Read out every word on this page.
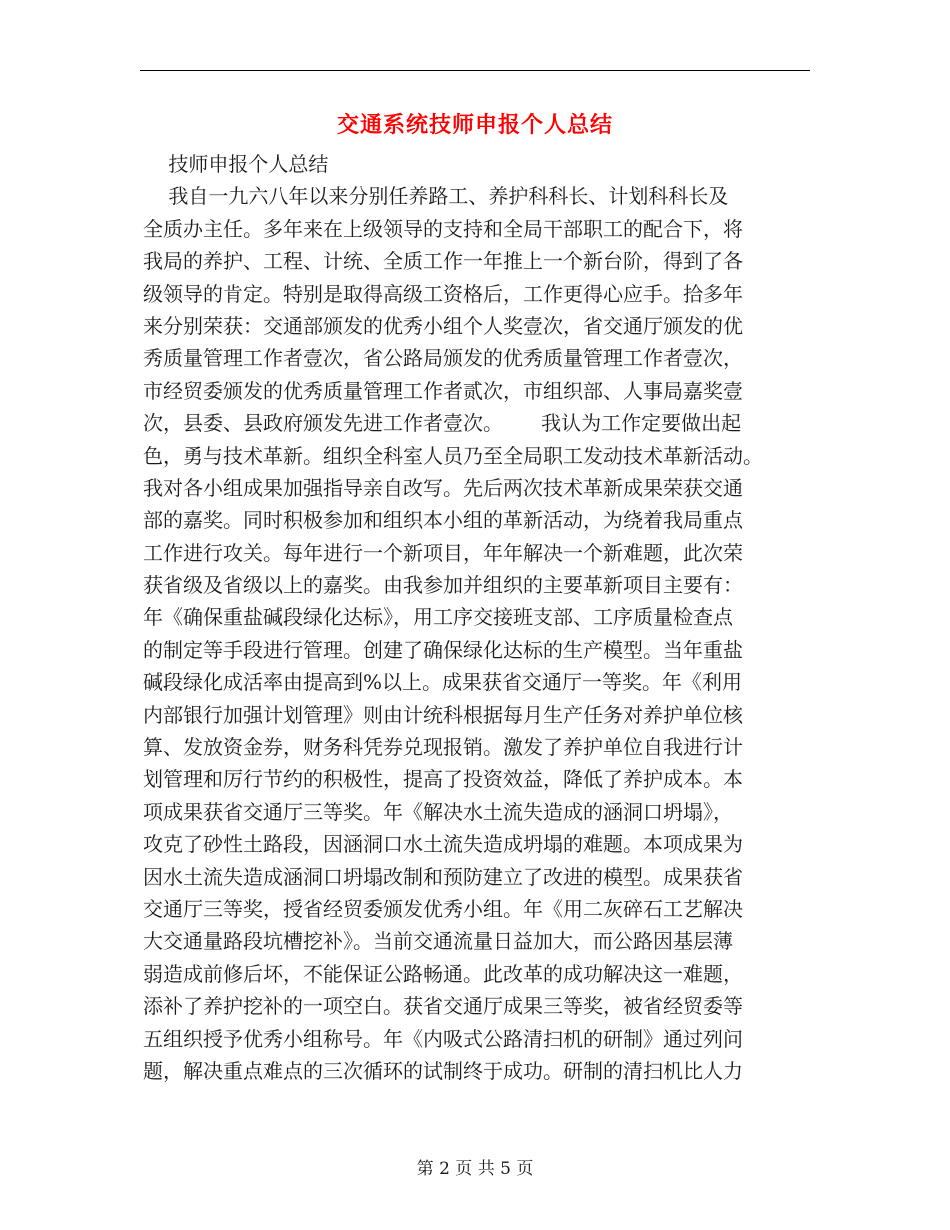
交通系统技师申报个人总结
技师申报个人总结
我自一九六八年以来分别任养路工、养护科科长、计划科科长及
全质办主任。多年来在上级领导的支持和全局干部职工的配合下，将
我局的养护、工程、计统、全质工作一年推上一个新台阶，得到了各
级领导的肯定。特别是取得高级工资格后，工作更得心应手。拾多年
来分别荣获：交通部颁发的优秀小组个人奖壹次，省交通厅颁发的优
秀质量管理工作者壹次，省公路局颁发的优秀质量管理工作者壹次，
市经贸委颁发的优秀质量管理工作者贰次，市组织部、人事局嘉奖壹
次，县委、县政府颁发先进工作者壹次。      我认为工作定要做出起
色，勇与技术革新。组织全科室人员乃至全局职工发动技术革新活动。
我对各小组成果加强指导亲自改写。先后两次技术革新成果荣获交通
部的嘉奖。同时积极参加和组织本小组的革新活动，为绕着我局重点
工作进行攻关。每年进行一个新项目，年年解决一个新难题，此次荣
获省级及省级以上的嘉奖。由我参加并组织的主要革新项目主要有：
年《确保重盐碱段绿化达标》，用工序交接班支部、工序质量检查点
的制定等手段进行管理。创建了确保绿化达标的生产模型。当年重盐
碱段绿化成活率由提高到%以上。成果获省交通厅一等奖。年《利用
内部银行加强计划管理》则由计统科根据每月生产任务对养护单位核
算、发放资金券，财务科凭券兑现报销。激发了养护单位自我进行计
划管理和厉行节约的积极性，提高了投资效益，降低了养护成本。本
项成果获省交通厅三等奖。年《解决水土流失造成的涵洞口坍塌》，
攻克了砂性土路段，因涵洞口水土流失造成坍塌的难题。本项成果为
因水土流失造成涵洞口坍塌改制和预防建立了改进的模型。成果获省
交通厅三等奖，授省经贸委颁发优秀小组。年《用二灰碎石工艺解决
大交通量路段坑槽挖补》。当前交通流量日益加大，而公路因基层薄
弱造成前修后坏，不能保证公路畅通。此改革的成功解决这一难题，
添补了养护挖补的一项空白。获省交通厅成果三等奖，被省经贸委等
五组织授予优秀小组称号。年《内吸式公路清扫机的研制》通过列问
题，解决重点难点的三次循环的试制终于成功。研制的清扫机比人力
第 2 页 共 5 页
